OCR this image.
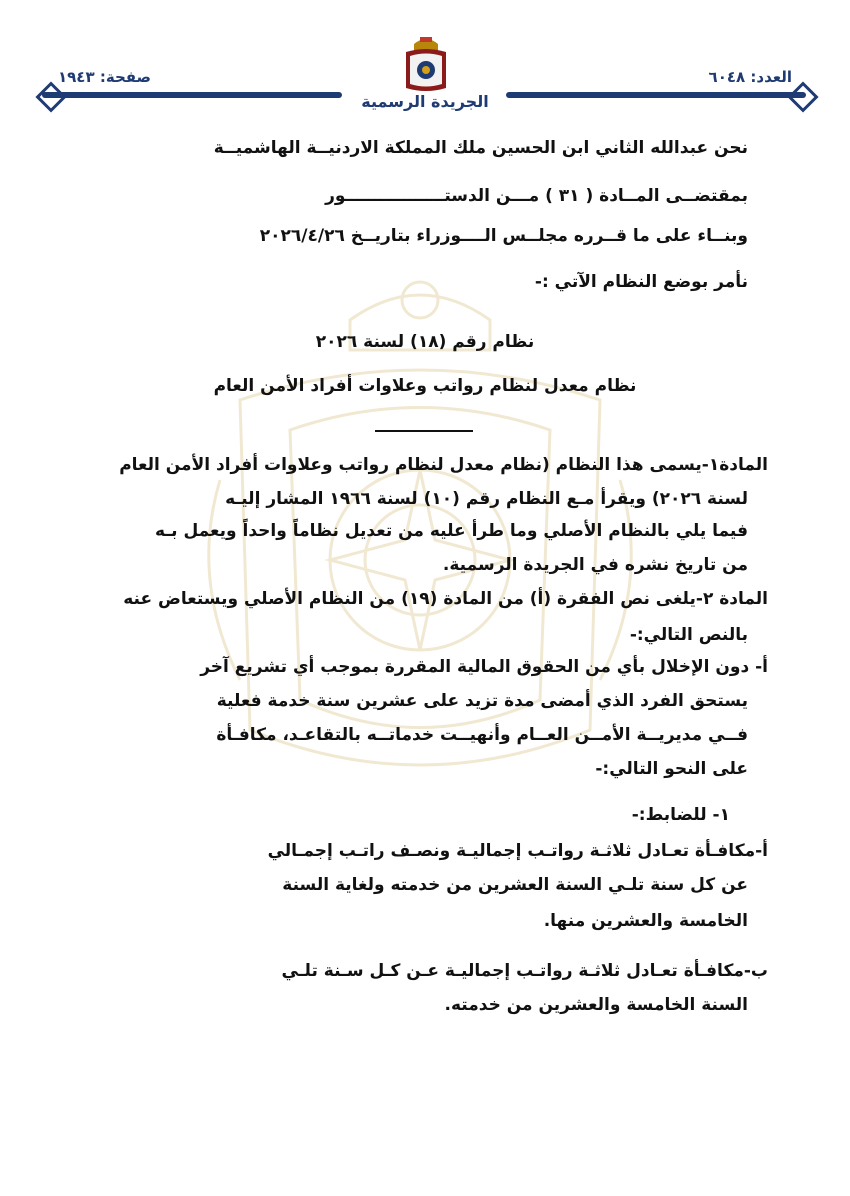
صفحة: ١٩٤٣	العدد: ٦٠٤٨
الجريدة الرسمية
نحن عبدالله الثاني ابن الحسين ملك المملكة الاردنيــة الهاشميــة
بمقتضــى المــادة ( ٣١ ) مـــن الدستـــــــــــــــــور
وبنــاء على ما قــرره مجلــس الــــوزراء بتاريــخ ٢٠٢٦/٤/٢٦
نأمر بوضع النظام الآتي :-
نظام رقم (١٨) لسنة ٢٠٢٦
نظام معدل لنظام رواتب وعلاوات أفراد الأمن العام
المادة١-يسمى هذا النظام (نظام معدل لنظام رواتب وعلاوات أفراد الأمن العام
لسنة ٢٠٢٦) ويقرأ مـع النظام رقم (١٠) لسنة ١٩٦٦ المشار إليـه
فيما يلي بالنظام الأصلي وما طرأ عليه من تعديل نظاماً واحداً ويعمل بـه
من تاريخ نشره في الجريدة الرسمية.
المادة ٢-يلغى نص الفقرة (أ) من المادة (١٩) من النظام الأصلي ويستعاض عنه
بالنص التالي:-
أ- دون الإخلال بأي من الحقوق المالية المقررة بموجب أي تشريع آخر
يستحق الفرد الذي أمضى مدة تزيد على عشرين سنة خدمة فعلية
فــي مديريــة الأمــن العــام وأنهيــت خدماتــه بالتقاعـد، مكافـأة
على النحو التالي:-
١- للضابط:-
أ-مكافـأة تعـادل ثلاثـة رواتـب إجماليـة ونصـف راتـب إجمـالي
عن كل سنة تلـي السنة العشرين من خدمته ولغاية السنة
الخامسة والعشرين منها.
ب-مكافـأة تعـادل ثلاثـة رواتـب إجماليـة عـن كـل سـنة تلـي
السنة الخامسة والعشرين من خدمته.
